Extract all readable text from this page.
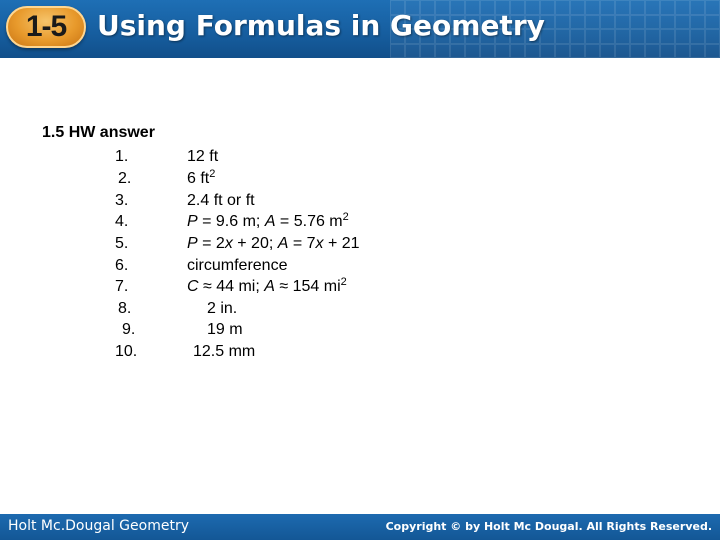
1-5 Using Formulas in Geometry
1.5 HW answer
1.	12 ft
2.	6 $ft^2$
3.	2.4 ft or ft
4.	P = 9.6 m; A = 5.76 $m^2$
5.	P = 2x + 20; A = 7x + 21
6.	circumference
7.	C ≈ 44 mi; A ≈ 154 $mi^2$
8.	2 in.
9.	19 m
10.	12.5 mm
Holt Mc.Dougal Geometry	Copyright © by Holt Mc Dougal. All Rights Reserved.
